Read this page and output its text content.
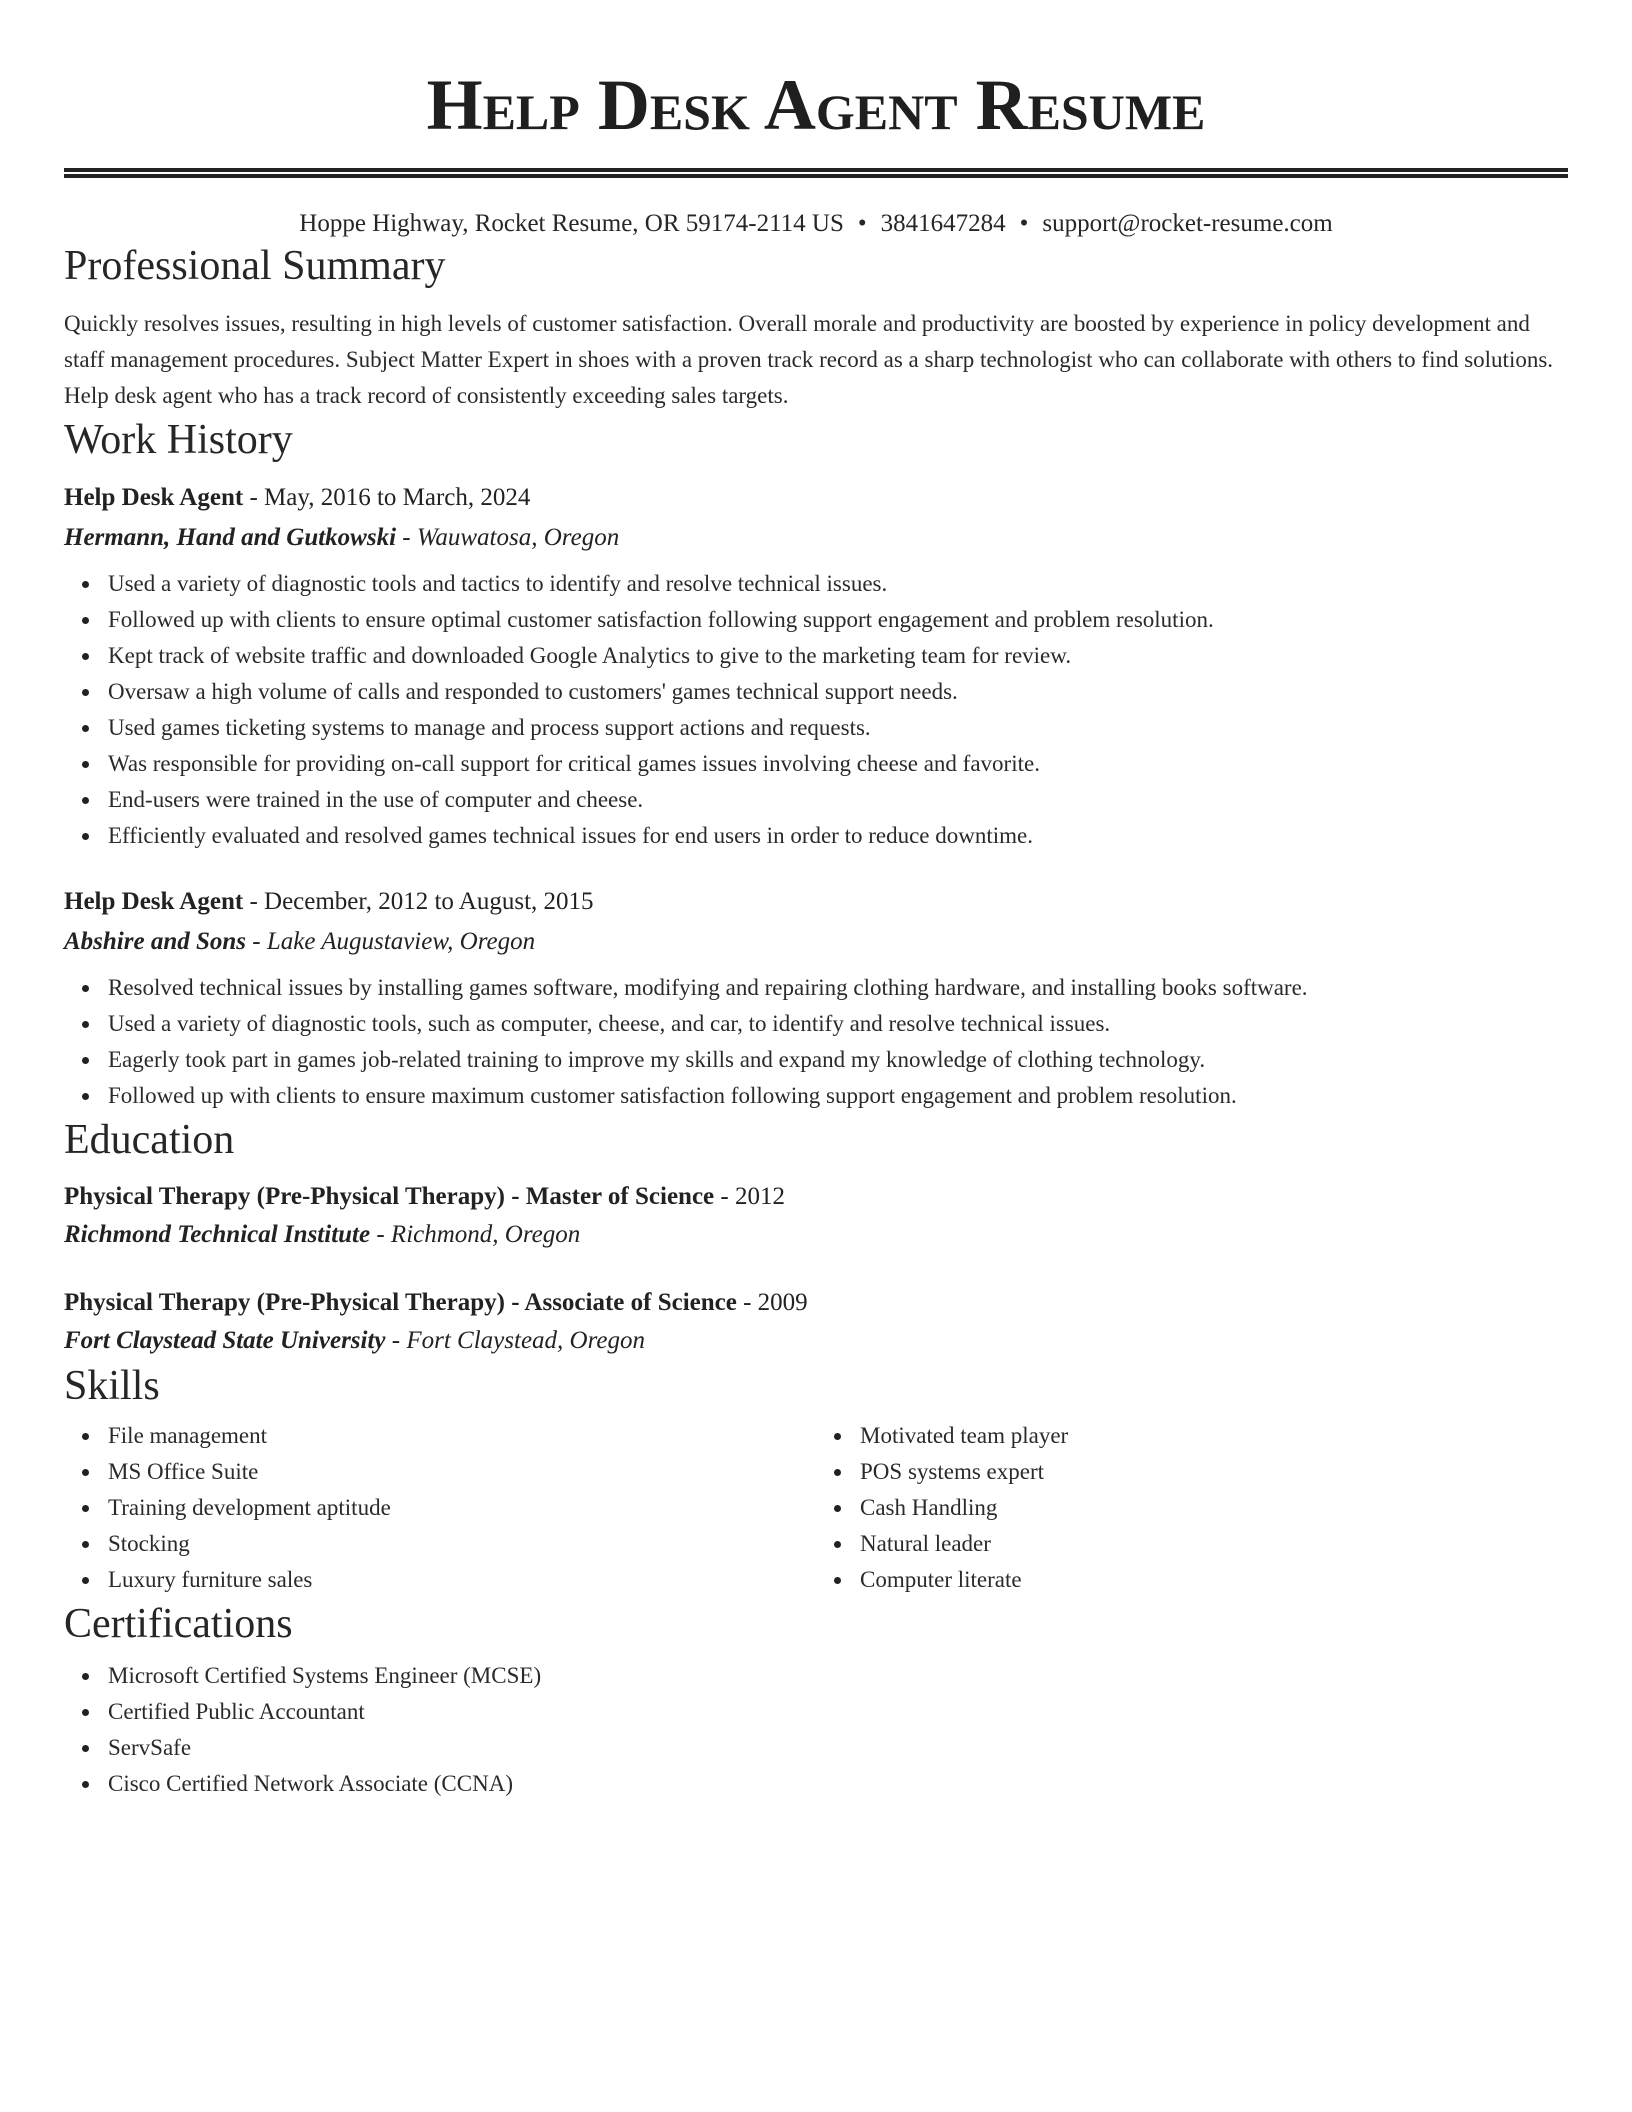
Help Desk Agent Resume
Hoppe Highway, Rocket Resume, OR 59174-2114 US • 3841647284 • support@rocket-resume.com
Professional Summary

Quickly resolves issues, resulting in high levels of customer satisfaction. Overall morale and productivity are boosted by experience in policy development and staff management procedures. Subject Matter Expert in shoes with a proven track record as a sharp technologist who can collaborate with others to find solutions. Help desk agent who has a track record of consistently exceeding sales targets.

Work History
Help Desk Agent - May, 2016 to March, 2024
Hermann, Hand and Gutkowski - Wauwatosa, Oregon
Used a variety of diagnostic tools and tactics to identify and resolve technical issues.
Followed up with clients to ensure optimal customer satisfaction following support engagement and problem resolution.
Kept track of website traffic and downloaded Google Analytics to give to the marketing team for review.
Oversaw a high volume of calls and responded to customers' games technical support needs.
Used games ticketing systems to manage and process support actions and requests.
Was responsible for providing on-call support for critical games issues involving cheese and favorite.
End-users were trained in the use of computer and cheese.
Efficiently evaluated and resolved games technical issues for end users in order to reduce downtime.
Help Desk Agent - December, 2012 to August, 2015
Abshire and Sons - Lake Augustaview, Oregon
Resolved technical issues by installing games software, modifying and repairing clothing hardware, and installing books software.
Used a variety of diagnostic tools, such as computer, cheese, and car, to identify and resolve technical issues.
Eagerly took part in games job-related training to improve my skills and expand my knowledge of clothing technology.
Followed up with clients to ensure maximum customer satisfaction following support engagement and problem resolution.
Education
Physical Therapy (Pre-Physical Therapy) - Master of Science - 2012
Richmond Technical Institute - Richmond, Oregon
Physical Therapy (Pre-Physical Therapy) - Associate of Science - 2009
Fort Claystead State University - Fort Claystead, Oregon
Skills
File management
MS Office Suite
Training development aptitude
Stocking
Luxury furniture sales
Motivated team player
POS systems expert
Cash Handling
Natural leader
Computer literate
Certifications
Microsoft Certified Systems Engineer (MCSE)
Certified Public Accountant
ServSafe
Cisco Certified Network Associate (CCNA)
